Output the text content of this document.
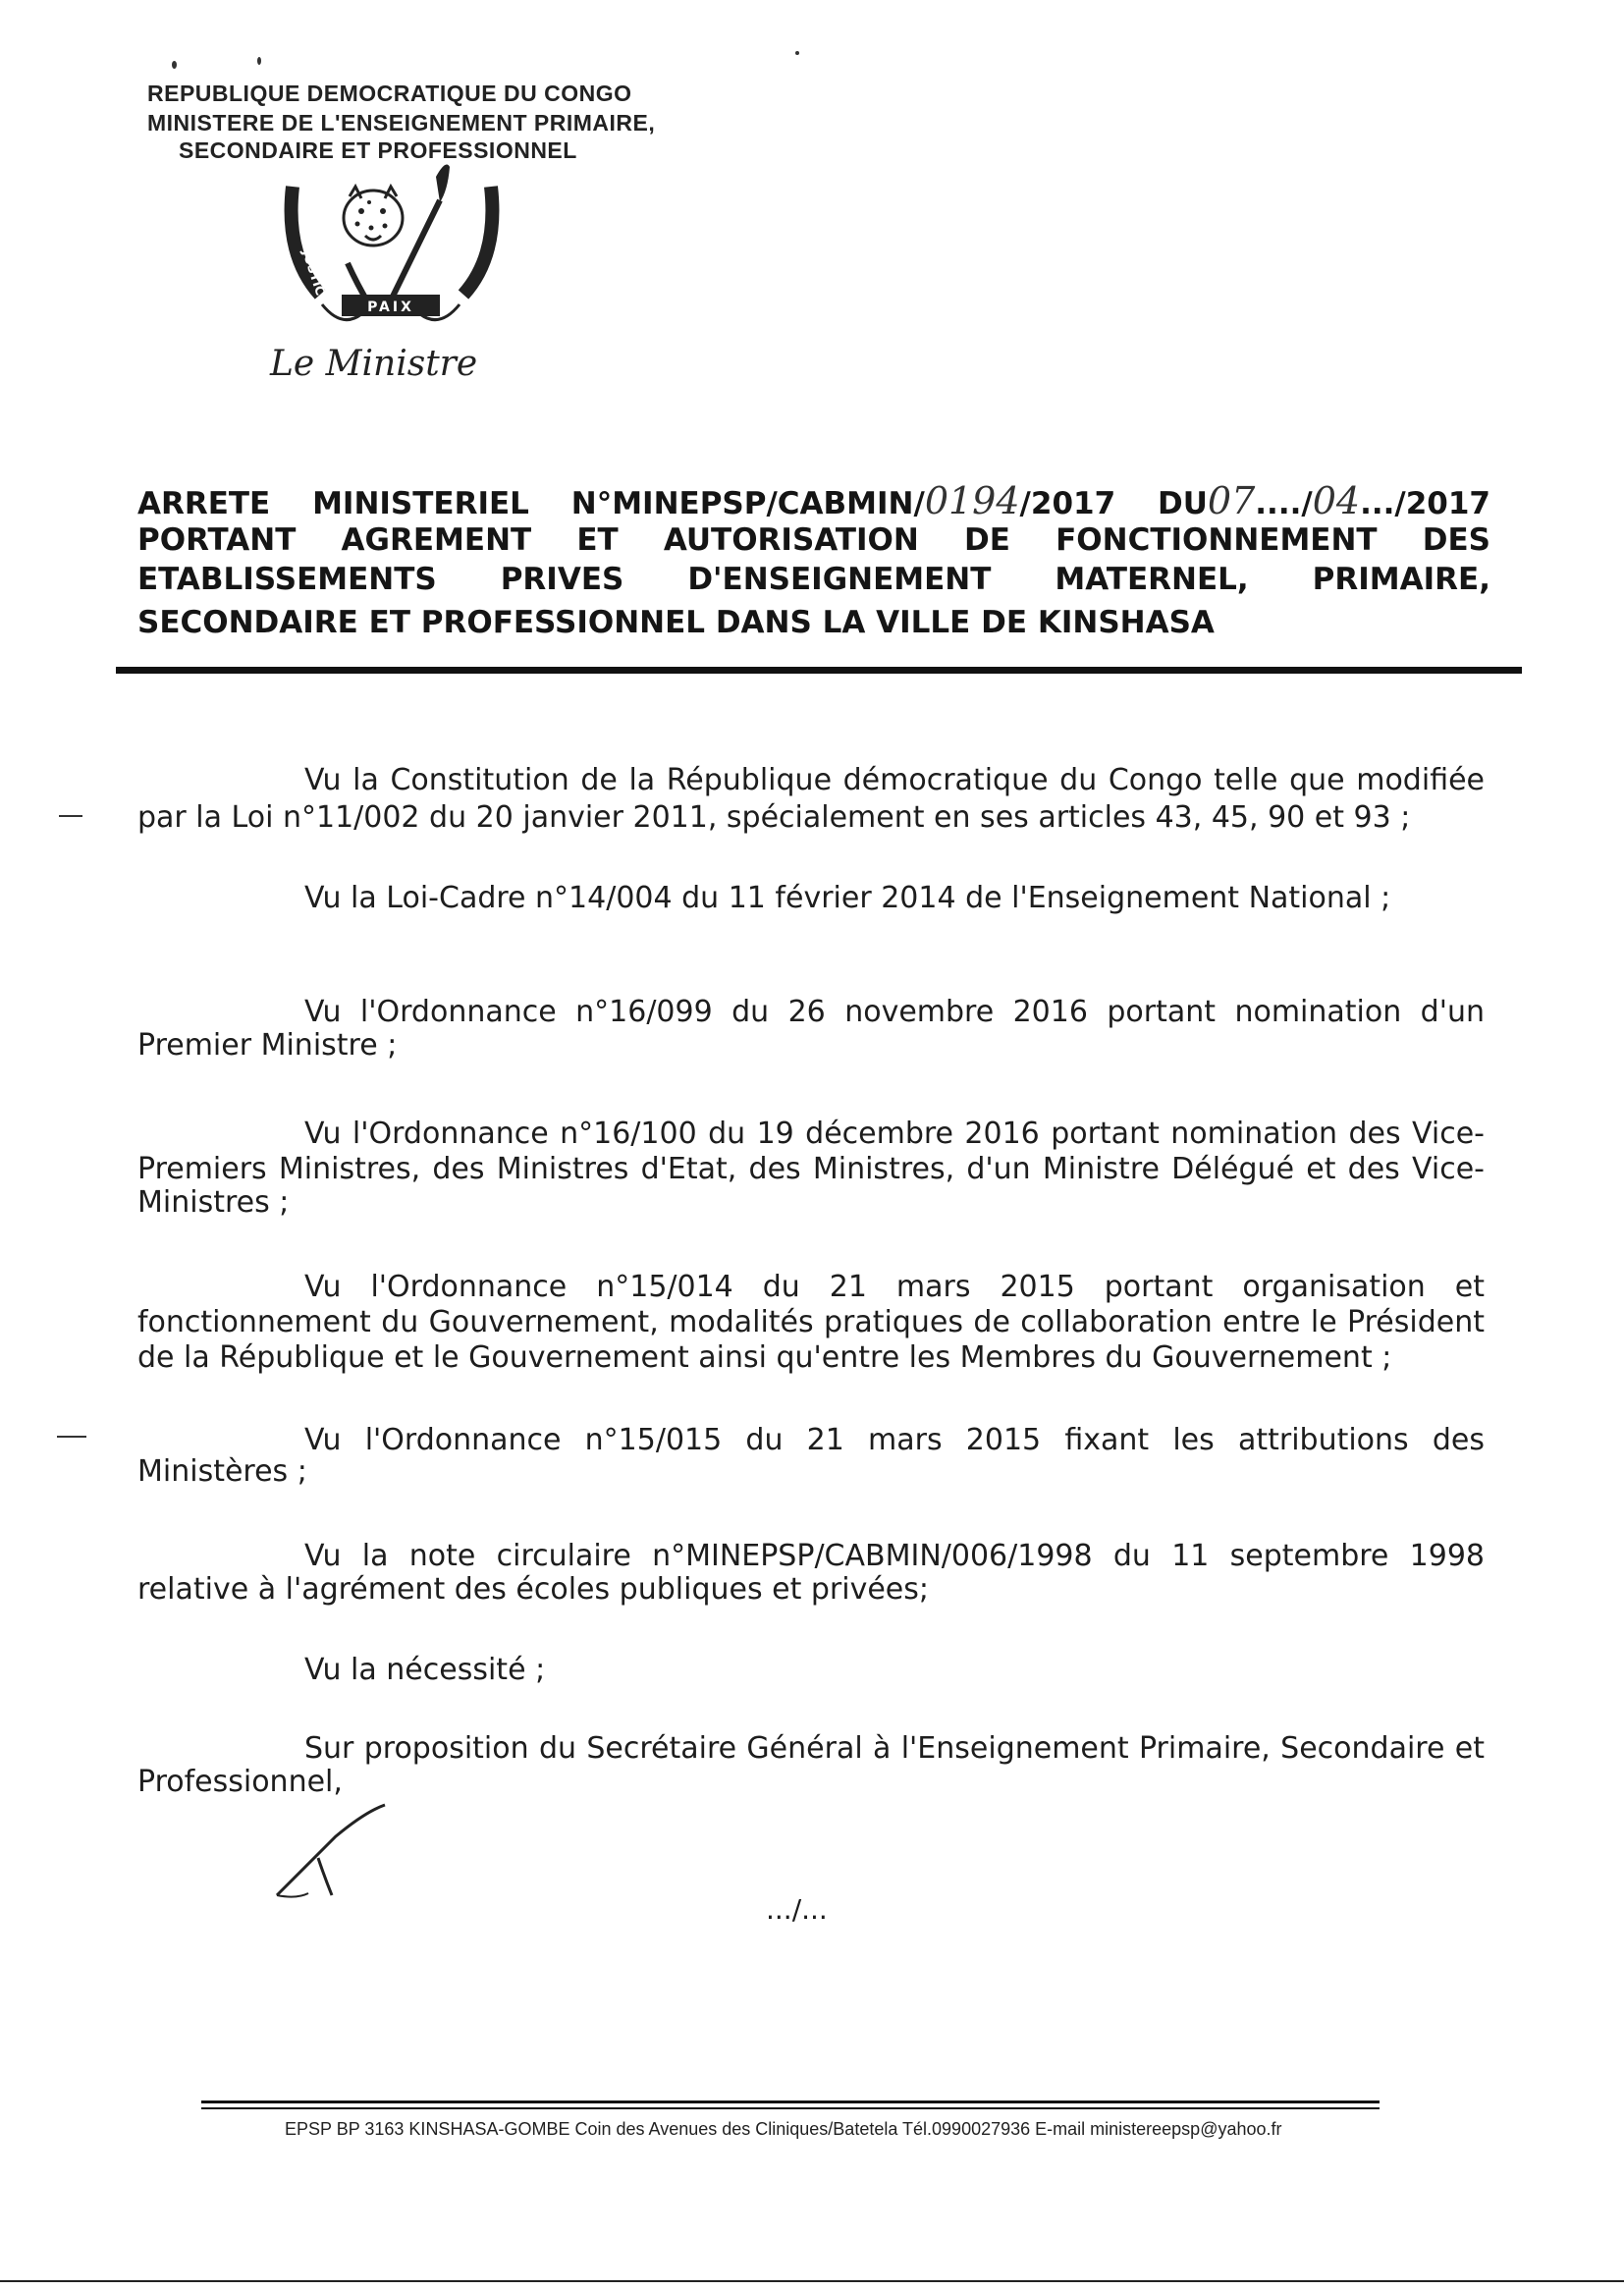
REPUBLIQUE DEMOCRATIQUE DU CONGO
MINISTERE DE L'ENSEIGNEMENT PRIMAIRE,
SECONDAIRE ET PROFESSIONNEL
JUSTICE	TRAVAIL
PAIX
Le Ministre
ARRETE MINISTERIEL N°MINEPSP/CABMIN/0194/2017 DU07..../04.../2017
PORTANT AGREMENT ET AUTORISATION DE FONCTIONNEMENT DES
ETABLISSEMENTS PRIVES D'ENSEIGNEMENT MATERNEL, PRIMAIRE,
SECONDAIRE ET PROFESSIONNEL DANS LA VILLE DE KINSHASA
Vu la Constitution de la République démocratique du Congo telle que modifiée
par la Loi n°11/002 du 20 janvier 2011, spécialement en ses articles 43, 45, 90 et 93 ;
Vu la Loi-Cadre n°14/004 du 11 février 2014 de l'Enseignement National ;
Vu l'Ordonnance n°16/099 du 26 novembre 2016 portant nomination d'un
Premier Ministre ;
Vu l'Ordonnance n°16/100 du 19 décembre 2016 portant nomination des Vice-
Premiers Ministres, des Ministres d'Etat, des Ministres, d'un Ministre Délégué et des Vice-
Ministres ;
Vu l'Ordonnance n°15/014 du 21 mars 2015 portant organisation et
fonctionnement du Gouvernement, modalités pratiques de collaboration entre le Président
de la République et le Gouvernement ainsi qu'entre les Membres du Gouvernement ;
Vu l'Ordonnance n°15/015 du 21 mars 2015 fixant les attributions des
Ministères ;
Vu la note circulaire n°MINEPSP/CABMIN/006/1998 du 11 septembre 1998
relative à l'agrément des écoles publiques et privées;
Vu la nécessité ;
Sur proposition du Secrétaire Général à l'Enseignement Primaire, Secondaire et
Professionnel,
.../...
EPSP BP 3163 KINSHASA-GOMBE Coin des Avenues des Cliniques/Batetela Tél.0990027936 E-mail ministereepsp@yahoo.fr
